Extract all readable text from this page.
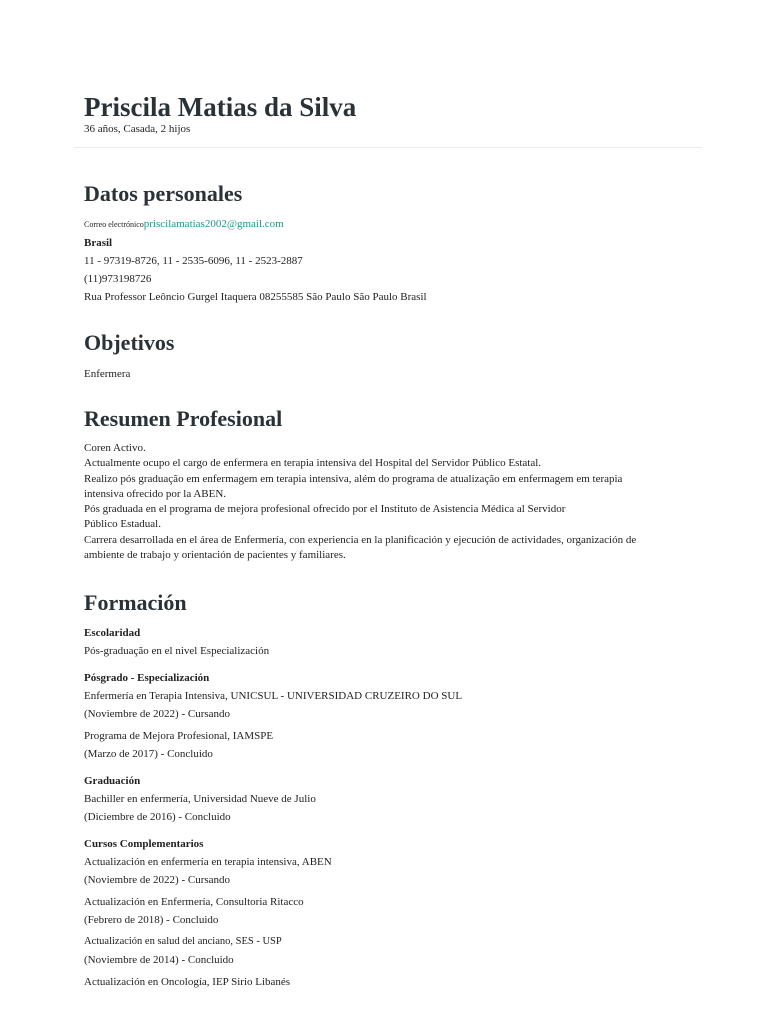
Priscila Matias da Silva
36 años, Casada, 2 hijos
Datos personales
Correo electrónicopriscilamatias2002@gmail.com
Brasil
11 - 97319-8726, 11 - 2535-6096, 11 - 2523-2887
(11)973198726
Rua Professor Leôncio Gurgel Itaquera 08255585 São Paulo São Paulo Brasil
Objetivos
Enfermera
Resumen Profesional
Coren Activo.
Actualmente ocupo el cargo de enfermera en terapia intensiva del Hospital del Servidor Público Estatal.
Realizo pós graduação em enfermagem em terapia intensiva, além do programa de atualização em enfermagem em terapia
intensiva ofrecido por la ABEN.
Pós graduada en el programa de mejora profesional ofrecido por el Instituto de Asistencia Médica al Servidor
Público Estadual.
Carrera desarrollada en el área de Enfermería, con experiencia en la planificación y ejecución de actividades, organización de
ambiente de trabajo y orientación de pacientes y familiares.
Formación
Escolaridad
Pós-graduação en el nivel Especialización
Pósgrado - Especialización
Enfermería en Terapia Intensiva, UNICSUL - UNIVERSIDAD CRUZEIRO DO SUL
(Noviembre de 2022) - Cursando
Programa de Mejora Profesional, IAMSPE
(Marzo de 2017) - Concluido
Graduación
Bachiller en enfermería, Universidad Nueve de Julio
(Diciembre de 2016) - Concluido
Cursos Complementarios
Actualización en enfermería en terapia intensiva, ABEN
(Noviembre de 2022) - Cursando
Actualización en Enfermería, Consultoria Ritacco
(Febrero de 2018) - Concluido
Actualización en salud del anciano, SES - USP
(Noviembre de 2014) - Concluido
Actualización en Oncología, IEP Sirio Libanés
